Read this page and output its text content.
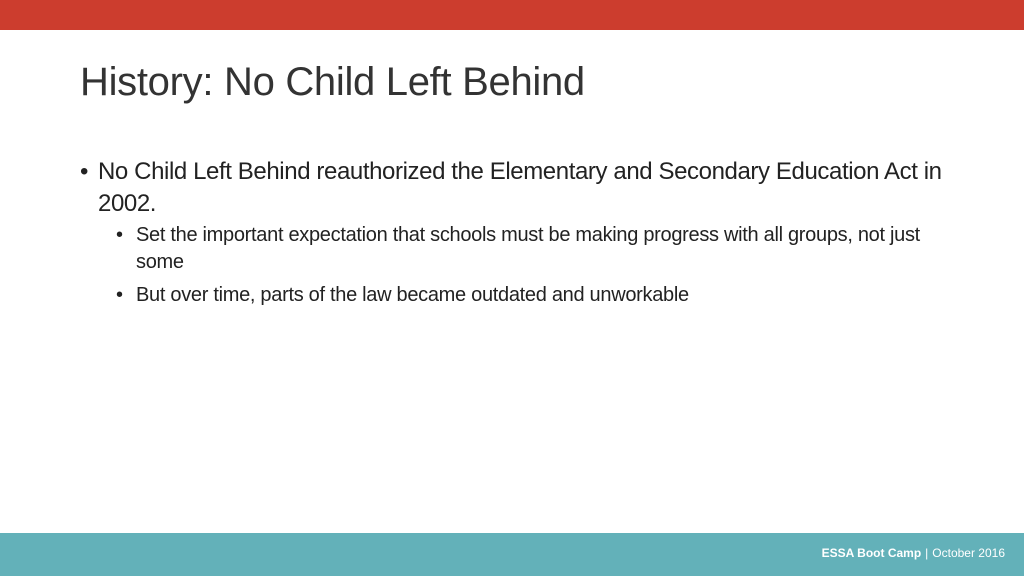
History: No Child Left Behind
• No Child Left Behind reauthorized the Elementary and Secondary Education Act in 2002.
• Set the important expectation that schools must be making progress with all groups, not just some
• But over time, parts of the law became outdated and unworkable
ESSA Boot Camp | October 2016
